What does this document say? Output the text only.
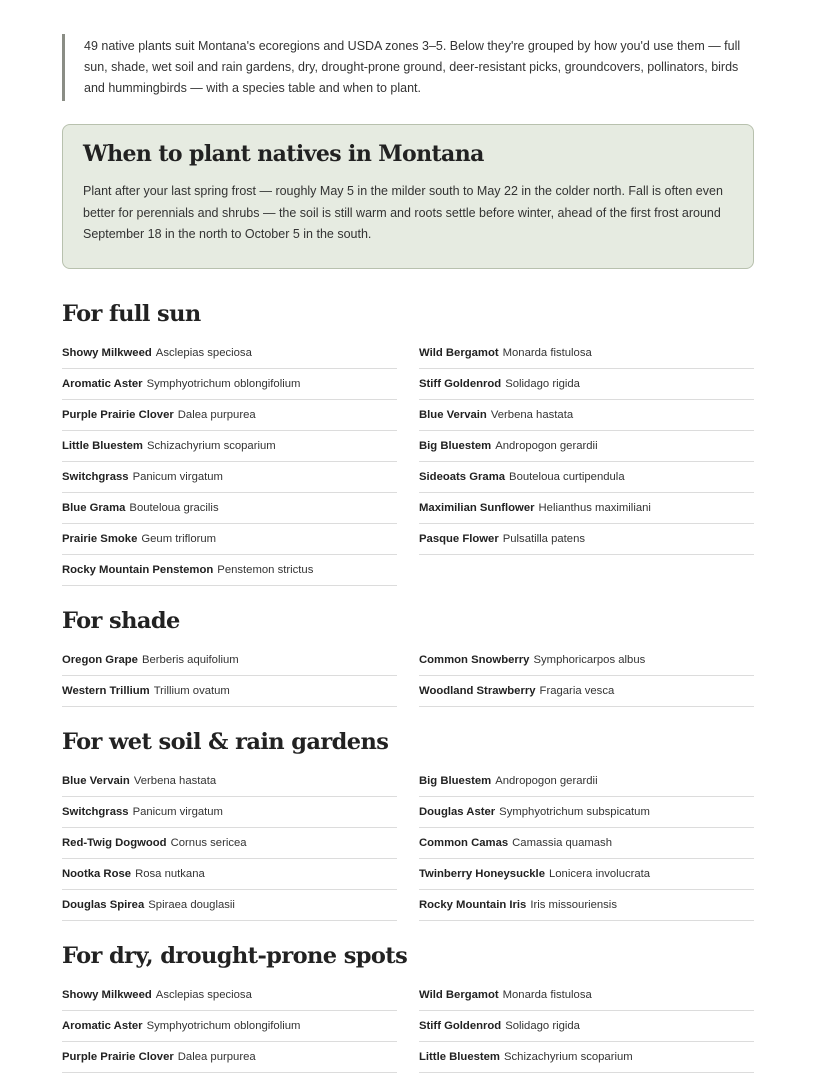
49 native plants suit Montana's ecoregions and USDA zones 3–5. Below they're grouped by how you'd use them — full sun, shade, wet soil and rain gardens, dry, drought-prone ground, deer-resistant picks, groundcovers, pollinators, birds and hummingbirds — with a species table and when to plant.

When to plant natives in Montana

Plant after your last spring frost — roughly May 5 in the milder south to May 22 in the colder north. Fall is often even better for perennials and shrubs — the soil is still warm and roots settle before winter, ahead of the first frost around September 18 in the north to October 5 in the south.

For full sun
Showy Milkweed Asclepias speciosa
Aromatic Aster Symphyotrichum oblongifolium
Purple Prairie Clover Dalea purpurea
Little Bluestem Schizachyrium scoparium
Switchgrass Panicum virgatum
Blue Grama Bouteloua gracilis
Prairie Smoke Geum triflorum
Rocky Mountain Penstemon Penstemon strictus
Wild Bergamot Monarda fistulosa
Stiff Goldenrod Solidago rigida
Blue Vervain Verbena hastata
Big Bluestem Andropogon gerardii
Sideoats Grama Bouteloua curtipendula
Maximilian Sunflower Helianthus maximiliani
Pasque Flower Pulsatilla patens
For shade
Oregon Grape Berberis aquifolium
Western Trillium Trillium ovatum
Common Snowberry Symphoricarpos albus
Woodland Strawberry Fragaria vesca
For wet soil & rain gardens
Blue Vervain Verbena hastata
Switchgrass Panicum virgatum
Red-Twig Dogwood Cornus sericea
Nootka Rose Rosa nutkana
Douglas Spirea Spiraea douglasii
Big Bluestem Andropogon gerardii
Douglas Aster Symphyotrichum subspicatum
Common Camas Camassia quamash
Twinberry Honeysuckle Lonicera involucrata
Rocky Mountain Iris Iris missouriensis
For dry, drought-prone spots
Showy Milkweed Asclepias speciosa
Aromatic Aster Symphyotrichum oblongifolium
Purple Prairie Clover Dalea purpurea
Wild Bergamot Monarda fistulosa
Stiff Goldenrod Solidago rigida
Little Bluestem Schizachyrium scoparium
